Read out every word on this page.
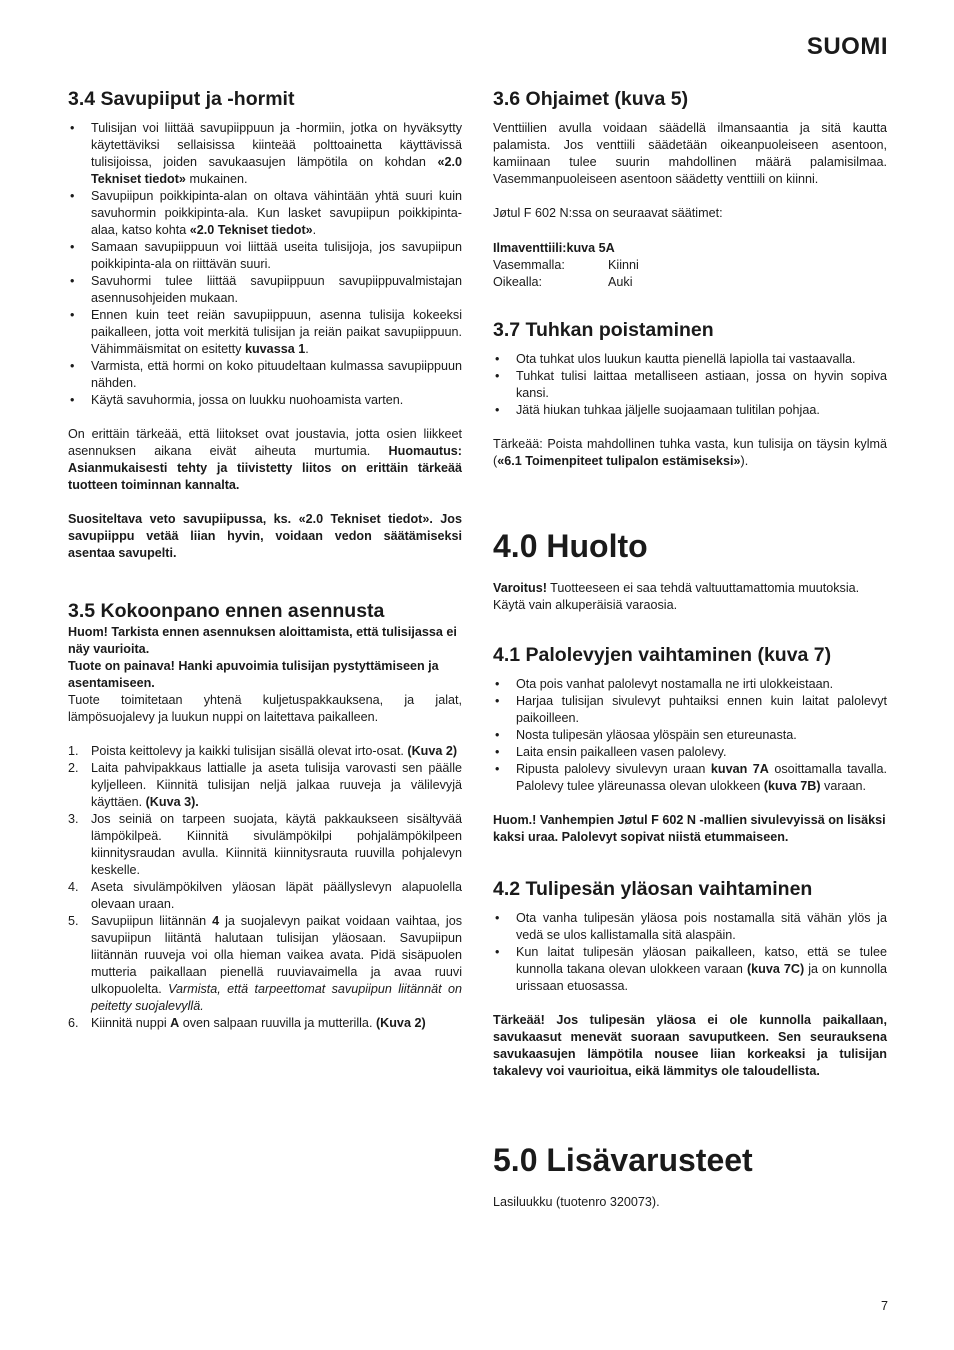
SUOMI
3.4 Savupiiput ja -hormit
• Tulisijan voi liittää savupiippuun ja -hormiin, jotka on hyväksytty käytettäviksi sellaisissa kiinteää polttoainetta käyttävissä tulisijoissa, joiden savukaasujen lämpötila on kohdan «2.0 Tekniset tiedot» mukainen.
• Savupiipun poikkipinta-alan on oltava vähintään yhtä suuri kuin savuhormin poikkipinta-ala. Kun lasket savupiipun poikkipinta-alaa, katso kohta «2.0 Tekniset tiedot».
• Samaan savupiippuun voi liittää useita tulisijoja, jos savupiipun poikkipinta-ala on riittävän suuri.
• Savuhormi tulee liittää savupiippuun savupiippuvalmistajan asennusohjeiden mukaan.
• Ennen kuin teet reiän savupiippuun, asenna tulisija kokeeksi paikalleen, jotta voit merkitä tulisijan ja reiän paikat savupiippuun. Vähimmäismitat on esitetty kuvassa 1.
• Varmista, että hormi on koko pituudeltaan kulmassa savupiippuun nähden.
• Käytä savuhormia, jossa on luukku nuohoamista varten.

On erittäin tärkeää, että liitokset ovat joustavia, jotta osien liikkeet asennuksen aikana eivät aiheuta murtumia. Huomautus: Asianmukaisesti tehty ja tiivistetty liitos on erittäin tärkeää tuotteen toiminnan kannalta.

Suositeltava veto savupiipussa, ks. «2.0 Tekniset tiedot». Jos savupiippu vetää liian hyvin, voidaan vedon säätämiseksi asentaa savupelti.

3.5 Kokoonpano ennen asennusta

Huom! Tarkista ennen asennuksen aloittamista, että tulisijassa ei näy vaurioita.

Tuote on painava! Hanki apuvoimia tulisijan pystyttämiseen ja asentamiseen.

Tuote toimitetaan yhtenä kuljetuspakkauksena, ja jalat, lämpösuojalevy ja luukun nuppi on laitettava paikalleen.

1. Poista keittolevy ja kaikki tulisijan sisällä olevat irto-osat. (Kuva 2)
2. Laita pahvipakkaus lattialle ja aseta tulisija varovasti sen päälle kyljelleen. Kiinnitä tulisijan neljä jalkaa ruuveja ja välilevyjä käyttäen. (Kuva 3).
3. Jos seiniä on tarpeen suojata, käytä pakkaukseen sisältyvää lämpökilpeä. Kiinnitä sivulämpökilpi pohjalämpökilpeen kiinnitysraudan avulla. Kiinnitä kiinnitysrauta ruuvilla pohjalevyn keskelle.
4. Aseta sivulämpökilven yläosan läpät päällyslevyn alapuolella olevaan uraan.
5. Savupiipun liitännän 4 ja suojalevyn paikat voidaan vaihtaa, jos savupiipun liitäntä halutaan tulisijan yläosaan. Savupiipun liitännän ruuveja voi olla hieman vaikea avata. Pidä sisäpuolen mutteria paikallaan pienellä ruuviavaimella ja avaa ruuvi ulkopuolelta. Varmista, että tarpeettomat savupiipun liitännät on peitetty suojalevyllä.
6. Kiinnitä nuppi A oven salpaan ruuvilla ja mutterilla. (Kuva 2)
3.6 Ohjaimet (kuva 5)

Venttiilien avulla voidaan säädellä ilmansaantia ja sitä kautta palamista. Jos venttiili säädetään oikeanpuoleiseen asentoon, kamiinaan tulee suurin mahdollinen määrä palamisilmaa. Vasemmanpuoleiseen asentoon säädetty venttiili on kiinni.

Jøtul F 602 N:ssa on seuraavat säätimet:

Ilmaventtiili:kuva 5A

Vasemmalla:	Kiinni
Oikealla:	Auki
3.7 Tuhkan poistaminen
• Ota tuhkat ulos luukun kautta pienellä lapiolla tai vastaavalla.
• Tuhkat tulisi laittaa metalliseen astiaan, jossa on hyvin sopiva kansi.
• Jätä hiukan tuhkaa jäljelle suojaamaan tulitilan pohjaa.

Tärkeää: Poista mahdollinen tuhka vasta, kun tulisija on täysin kylmä («6.1 Toimenpiteet tulipalon estämiseksi»).

4.0 Huolto

Varoitus! Tuotteeseen ei saa tehdä valtuuttamattomia muutoksia. Käytä vain alkuperäisiä varaosia.

4.1 Palolevyjen vaihtaminen (kuva 7)
• Ota pois vanhat palolevyt nostamalla ne irti ulokkeistaan.
• Harjaa tulisijan sivulevyt puhtaiksi ennen kuin laitat palolevyt paikoilleen.
• Nosta tulipesän yläosaa ylöspäin sen etureunasta.
• Laita ensin paikalleen vasen palolevy.
• Ripusta palolevy sivulevyn uraan kuvan 7A osoittamalla tavalla. Palolevy tulee yläreunassa olevan ulokkeen (kuva 7B) varaan.

Huom.! Vanhempien Jøtul F 602 N -mallien sivulevyissä on lisäksi kaksi uraa. Palolevyt sopivat niistä etummaiseen.

4.2 Tulipesän yläosan vaihtaminen
• Ota vanha tulipesän yläosa pois nostamalla sitä vähän ylös ja vedä se ulos kallistamalla sitä alaspäin.
• Kun laitat tulipesän yläosan paikalleen, katso, että se tulee kunnolla takana olevan ulokkeen varaan (kuva 7C) ja on kunnolla urissaan etuosassa.

Tärkeää! Jos tulipesän yläosa ei ole kunnolla paikallaan, savukaasut menevät suoraan savuputkeen. Sen seurauksena savukaasujen lämpötila nousee liian korkeaksi ja tulisijan takalevy voi vaurioitua, eikä lämmitys ole taloudellista.

5.0 Lisävarusteet

Lasiluukku (tuotenro 320073).

7
